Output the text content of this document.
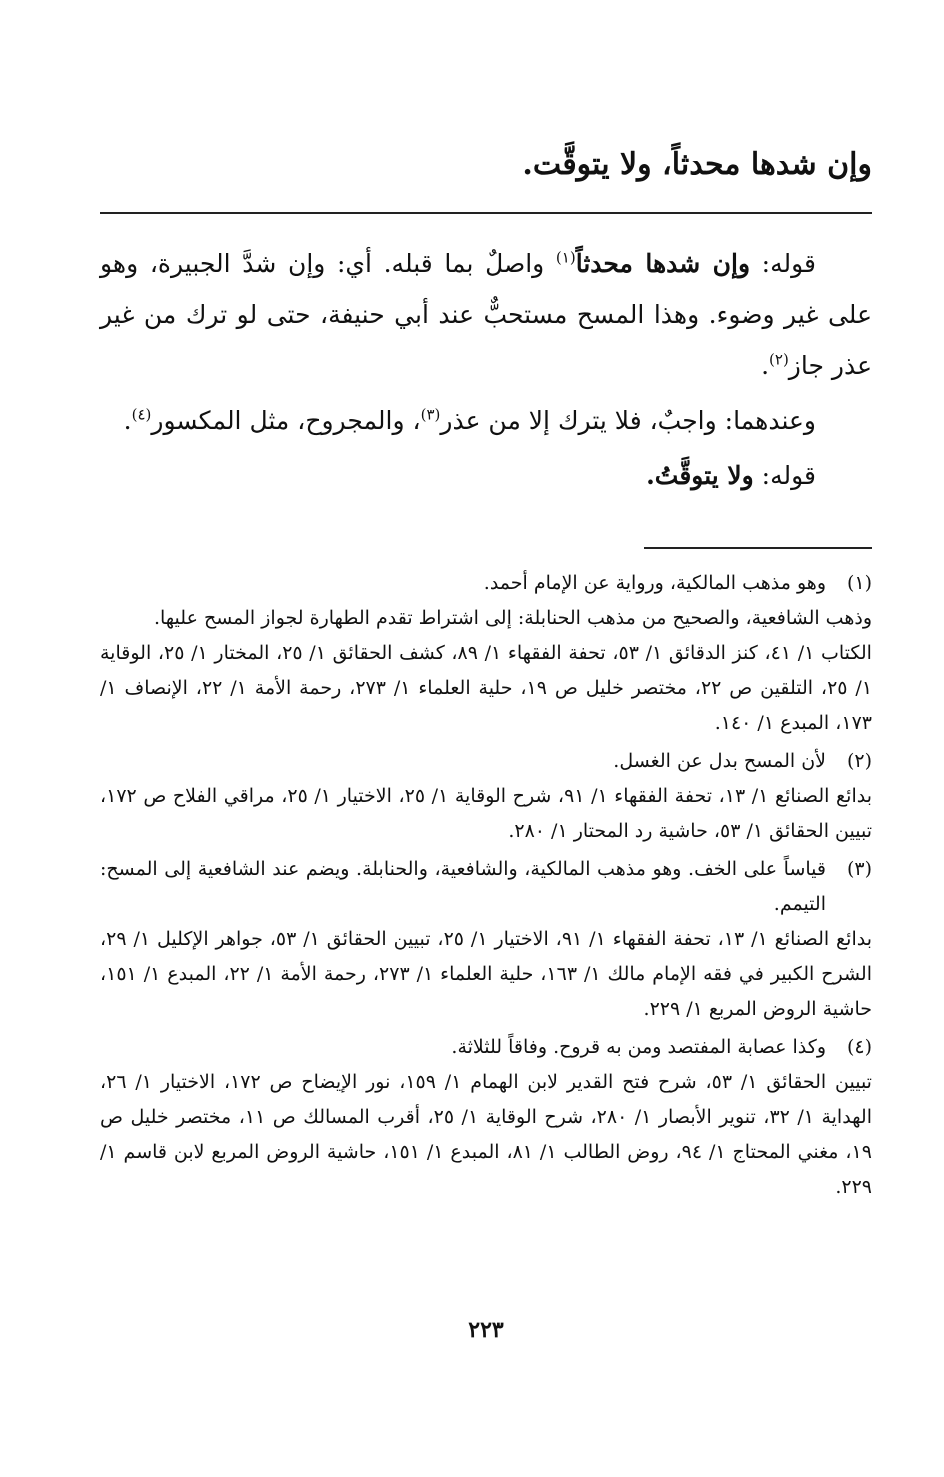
وإن شدها محدثاً، ولا يتوقَّت.

قوله: وإن شدها محدثاً$^{(١)}$ واصلٌ بما قبله. أي: وإن شدَّ الجبيرة، وهو على غير وضوء. وهذا المسح مستحبٌّ عند أبي حنيفة، حتى لو ترك من غير عذر جاز$^{(٢)}$.

وعندهما: واجبٌ، فلا يترك إلا من عذر$^{(٣)}$، والمجروح، مثل المكسور$^{(٤)}$.

قوله: ولا يتوقَّتُ.

(١)
وهو مذهب المالكية، ورواية عن الإمام أحمد.
وذهب الشافعية، والصحيح من مذهب الحنابلة: إلى اشتراط تقدم الطهارة لجواز المسح عليها.
الكتاب ١/ ٤١، كنز الدقائق ١/ ٥٣، تحفة الفقهاء ١/ ٨٩، كشف الحقائق ١/ ٢٥، المختار ١/ ٢٥، الوقاية ١/ ٢٥، التلقين ص ٢٢، مختصر خليل ص ١٩، حلية العلماء ١/ ٢٧٣، رحمة الأمة ١/ ٢٢، الإنصاف ١/ ١٧٣، المبدع ١/ ١٤٠.
(٢)
لأن المسح بدل عن الغسل.
بدائع الصنائع ١/ ١٣، تحفة الفقهاء ١/ ٩١، شرح الوقاية ١/ ٢٥، الاختيار ١/ ٢٥، مراقي الفلاح ص ١٧٢، تبيين الحقائق ١/ ٥٣، حاشية رد المحتار ١/ ٢٨٠.
(٣)
قياساً على الخف. وهو مذهب المالكية، والشافعية، والحنابلة. ويضم عند الشافعية إلى المسح: التيمم.
بدائع الصنائع ١/ ١٣، تحفة الفقهاء ١/ ٩١، الاختيار ١/ ٢٥، تبيين الحقائق ١/ ٥٣، جواهر الإكليل ١/ ٢٩، الشرح الكبير في فقه الإمام مالك ١/ ١٦٣، حلية العلماء ١/ ٢٧٣، رحمة الأمة ١/ ٢٢، المبدع ١/ ١٥١، حاشية الروض المربع ١/ ٢٢٩.
(٤)
وكذا عصابة المفتصد ومن به قروح. وفاقاً للثلاثة.
تبيين الحقائق ١/ ٥٣، شرح فتح القدير لابن الهمام ١/ ١٥٩، نور الإيضاح ص ١٧٢، الاختيار ١/ ٢٦، الهداية ١/ ٣٢، تنوير الأبصار ١/ ٢٨٠، شرح الوقاية ١/ ٢٥، أقرب المسالك ص ١١، مختصر خليل ص ١٩، مغني المحتاج ١/ ٩٤، روض الطالب ١/ ٨١، المبدع ١/ ١٥١، حاشية الروض المربع لابن قاسم ١/ ٢٢٩.
٢٢٣
